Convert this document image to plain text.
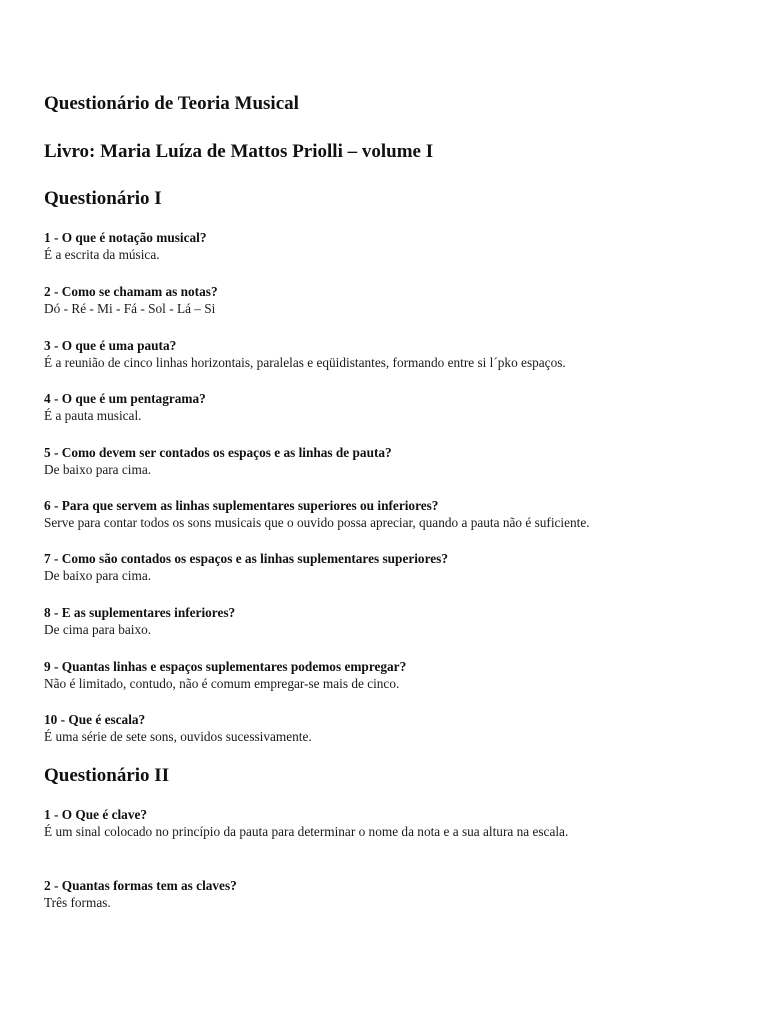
Questionário de Teoria Musical
Livro: Maria Luíza de Mattos Priolli – volume I
Questionário I
1 - O que é notação musical?
É a escrita da música.
2 - Como se chamam as notas?
Dó - Ré - Mi - Fá - Sol - Lá – Si
3 - O que é uma pauta?
É a reunião de cinco linhas horizontais, paralelas e eqüidistantes, formando entre si l´pko espaços.
4 - O que é um pentagrama?
É a pauta musical.
5 - Como devem ser contados os espaços e as linhas de pauta?
De baixo para cima.
6 - Para que servem as linhas suplementares superiores ou inferiores?
Serve para contar todos os sons musicais que o ouvido possa apreciar, quando a pauta não é suficiente.
7 - Como são contados os espaços e as linhas suplementares superiores?
De baixo para cima.
8 - E as suplementares inferiores?
De cima para baixo.
9 - Quantas linhas e espaços suplementares podemos empregar?
Não é limitado, contudo, não é comum empregar-se mais de cinco.
10 - Que é escala?
É uma série de sete sons, ouvidos sucessivamente.
Questionário II
1 - O Que é clave?
É um sinal colocado no princípio da pauta para determinar o nome da nota e a sua altura na escala.
2 - Quantas formas tem as claves?
Três formas.
